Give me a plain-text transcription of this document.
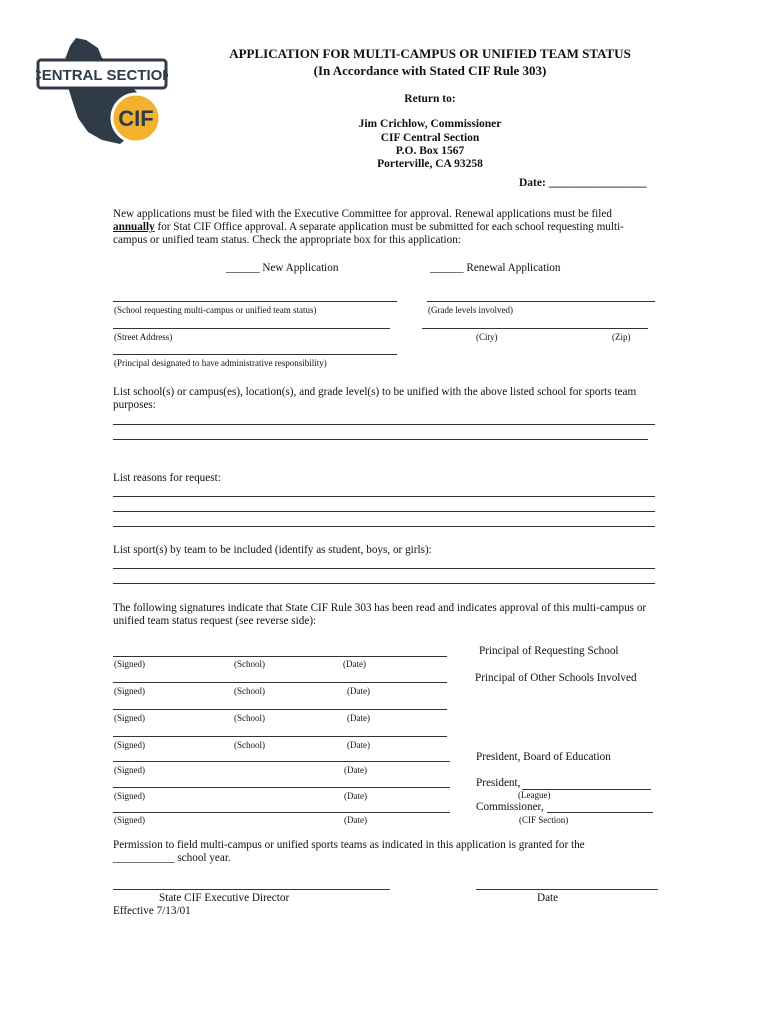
CIF
CENTRAL SECTION
APPLICATION FOR MULTI-CAMPUS OR UNIFIED TEAM STATUS
(In Accordance with Stated CIF Rule 303)
Return to:
Jim Crichlow, Commissioner
CIF Central Section
P.O. Box 1567
Porterville, CA 93258
Date: _________________
New applications must be filed with the Executive Committee for approval. Renewal applications must be filed
annually for Stat CIF Office approval. A separate application must be submitted for each school requesting multi-
campus or unified team status. Check the appropriate box for this application:
______ New Application	______ Renewal Application
(School requesting multi-campus or unified team status)	(Grade levels involved)
(Street Address)	(City)	(Zip)
(Principal designated to have administrative responsibility)
List school(s) or campus(es), location(s), and grade level(s) to be unified with the above listed school for sports team
purposes:
List reasons for request:
List sport(s) by team to be included (identify as student, boys, or girls):
The following signatures indicate that State CIF Rule 303 has been read and indicates approval of this multi-campus or
unified team status request (see reverse side):
Principal of Requesting School
(Signed)	(School)	(Date)
Principal of Other Schools Involved
(Signed)	(School)	(Date)
(Signed)	(School)	(Date)
(Signed)	(School)	(Date)
President, Board of Education
(Signed)	(Date)
President,
(League)
(Signed)	(Date)
Commissioner,
(CIF Section)
(Signed)	(Date)
Permission to field multi-campus or unified sports teams as indicated in this application is granted for the
___________ school year.
State CIF Executive Director	Date
Effective 7/13/01
